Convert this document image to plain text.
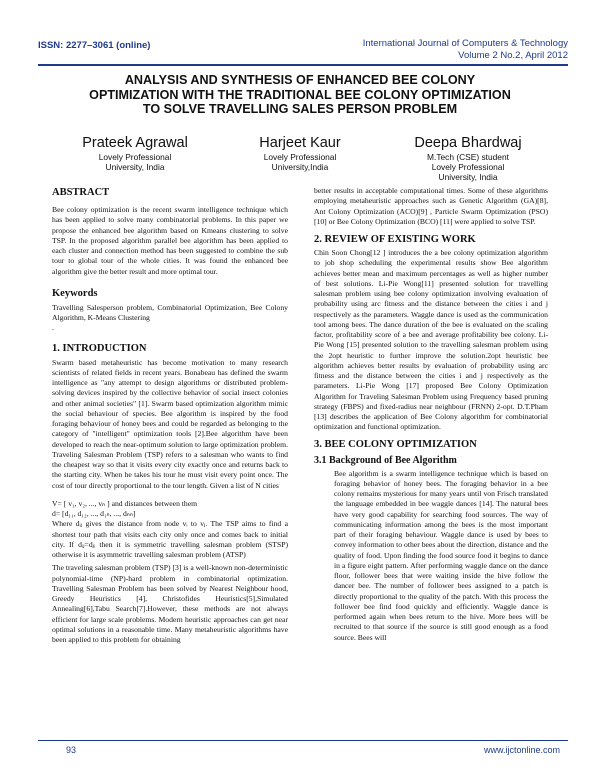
ISSN: 2277–3061 (online)	International Journal of Computers & Technology
Volume 2 No.2, April 2012
ANALYSIS AND SYNTHESIS OF ENHANCED BEE COLONY
OPTIMIZATION WITH THE TRADITIONAL BEE COLONY OPTIMIZATION
TO SOLVE TRAVELLING SALES PERSON PROBLEM
Prateek Agrawal
Lovely Professional
University, India
Harjeet Kaur
Lovely Professional
University,India
Deepa Bhardwaj
M.Tech (CSE) student
Lovely Professional
University, India
ABSTRACT

Bee colony optimization is the recent swarm intelligence technique which has been applied to solve many combinatorial problems. In this paper we propose the enhanced bee algorithm based on Kmeans clustering to solve TSP. In the proposed algorithm parallel bee algorithm has been applied to each cluster and connection method has been suggested to combine the sub tour to global tour of the whole cities. It was found the enhanced bee algorithm give the better result and more optimal tour.

Keywords

Travelling Salesperson problem, Combinatorial Optimization, Bee Colony Algorithm, K-Means Clustering

.

1. INTRODUCTION

Swarm based metaheuristic has become motivation to many research scientists of related fields in recent years. Bonabeau has defined the swarm intelligence as "any attempt to design algorithms or distributed problem-solving devices inspired by the collective behavior of social insect colonies and other animal societies" [1]. Swarm based optimization algorithm mimic the social behaviour of species. Bee algorithm is inspired by the food foraging behaviour of honey bees and could be regarded as belonging to the category of "intelligent" optimization tools [2].Bee algorithm have been developed to reach the near-optimum solution to large optimization problem. Traveling Salesman Problem (TSP) refers to a salesman who wants to find the cheapest way so that it visits every city exactly once and returns back to the starting city. When he takes his tour he must visit every point once. The cost of tour directly proportional to the tour length. Given a list of N cities

V= [ v₁, v₂, ..., vₙ ] and distances between them

d= [d₁₁, d₁₂, ..., d₁ₙ, ..., dₙₙ]

Where dᵢⱼ gives the distance from node vᵢ to vⱼ. The TSP aims to find a shortest tour path that visits each city only once and comes back to initial city. If dᵢⱼ=dⱼᵢ then it is symmetric travelling salesman problem (STSP) otherwise it is asymmetric travelling salesman problem (ATSP)

The traveling salesman problem (TSP) [3] is a well-known non-deterministic polynomial-time (NP)-hard problem in combinatorial optimization. Travelling Salesman Problem has been solved by Nearest Neighbour hood, Greedy Heuristics [4], Christofides Heuristics[5],Simulated Annealing[6],Tabu Search[7].However, these methods are not always efficient for large scale problems. Modern heuristic approaches can get near optimal solutions in a reasonable time. Many metaheuristic algorithms have been applied to this problem for obtaining

better results in acceptable computational times. Some of these algorithms employing metaheuristic approaches such as Genetic Algorithm (GA)[8], Ant Colony Optimization (ACO)[9] , Particle Swarm Optimization (PSO) [10] or Bee Colony Optimization (BCO) [11] were applied to solve TSP.

2. REVIEW OF EXISTING WORK

Chin Soon Chong[12 ] introduces the a bee colony optimization algorithm to job shop scheduling the experimental results show Bee algorithm achieves better mean and maximum percentages as well as higher number of best solutions. Li-Pie Wong[11] presented solution for travelling salesman problem using bee colony optimization involving evaluation of probability using arc fitness and the distance between the cities i and j respectively as the parameters. Waggle dance is used as the communication tool among bees. The dance duration of the bee is evaluated on the scaling factor, profitability score of a bee and average profitability bee colony. Li-Pie Wong [15] presented solution to the travelling salesman problem using the 2opt heuristic to further improve the solution.2opt heuristic bee algorithm achieves better results by evaluation of probability using arc fitness and the distance between the cities i and j respectively as the parameters. Li-Pie Wong [17] proposed Bee Colony Optimization Algorithm for Traveling Salesman Problem using Frequency based pruning strategy (FBPS) and fixed-radius near neighbour (FRNN) 2-opt. D.T.Pham [13] describes the application of Bee Colony algorithm for combinatorial optimization and functional optimization.

3. BEE COLONY OPTIMIZATION
3.1 Background of Bee Algorithm

Bee algorithm is a swarm intelligence technique which is based on foraging behavior of honey bees. The foraging behavior in a bee colony remains mysterious for many years until von Frisch translated the language embedded in bee waggle dances [14]. The natural bees have very good capability for searching food sources. The way of communicating information among the bees is the most important part of their foraging behaviour. Waggle dance is used by bees to convey information to other bees about the direction, distance and the quality of food. Upon finding the food source food it begins to dance in a figure eight pattern. After performing waggle dance on the dance floor, follower bees that were waiting inside the hive follow the dancer bee. The number of follower bees assigned to a patch is directly proportional to the quality of the patch. With this process the follower bee find food quickly and efficiently. Waggle dance is performed again when bees return to the hive. More bees will be recruited to that source if the source is still good enough as a food source. Bees will

93	www.ijctonline.com
